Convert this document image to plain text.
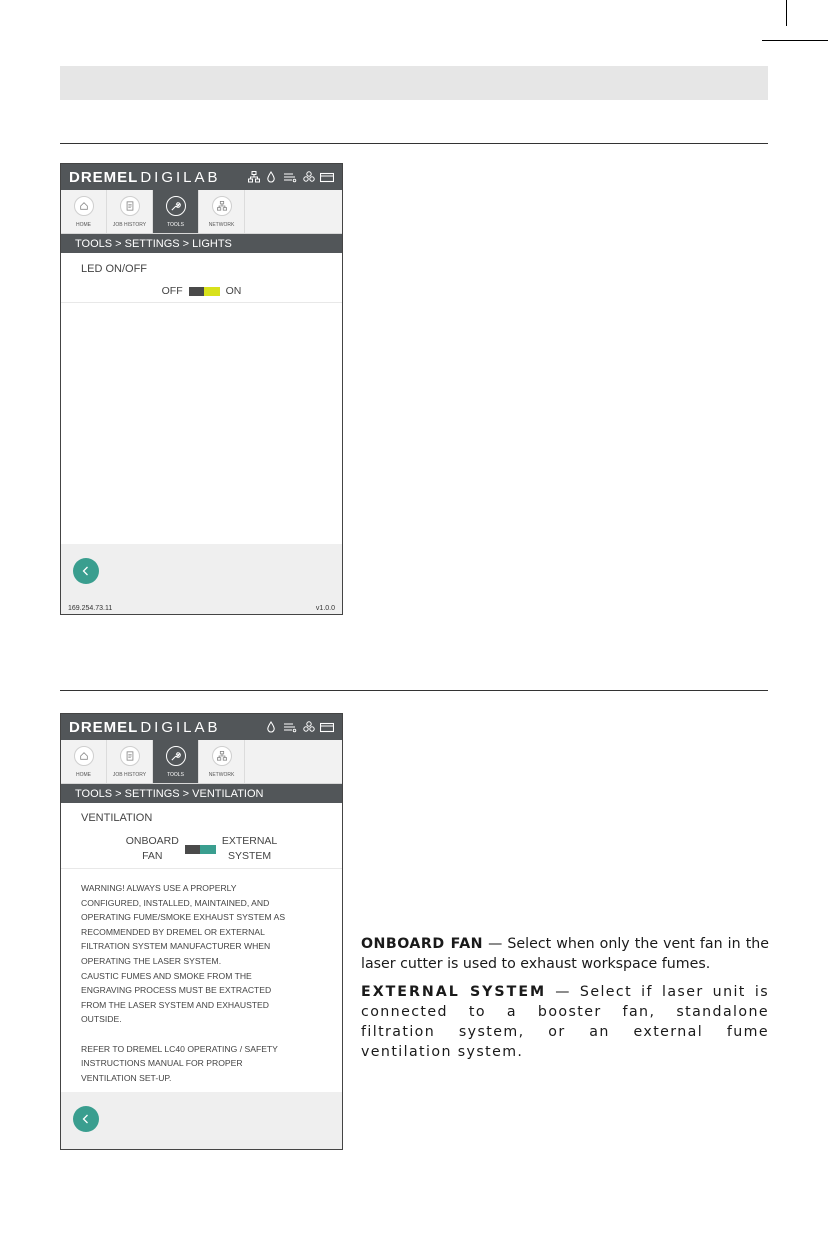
DREMEL DIGILAB
HOME	JOB HISTORY	TOOLS	NETWORK
TOOLS > SETTINGS > LIGHTS
LED ON/OFF
OFF	ON
169.254.73.11	v1.0.0
DREMEL DIGILAB
HOME	JOB HISTORY	TOOLS	NETWORK
TOOLS > SETTINGS > VENTILATION
VENTILATION
ONBOARD
FAN
EXTERNAL
SYSTEM
WARNING! ALWAYS USE A PROPERLY
CONFIGURED, INSTALLED, MAINTAINED, AND
OPERATING FUME/SMOKE EXHAUST SYSTEM AS
RECOMMENDED BY DREMEL OR EXTERNAL
FILTRATION SYSTEM MANUFACTURER WHEN
OPERATING THE LASER SYSTEM.
CAUSTIC FUMES AND SMOKE FROM THE
ENGRAVING PROCESS MUST BE EXTRACTED
FROM THE LASER SYSTEM AND EXHAUSTED
OUTSIDE.
REFER TO DREMEL LC40 OPERATING / SAFETY
INSTRUCTIONS MANUAL FOR PROPER
VENTILATION SET-UP.

ONBOARD FAN — Select when only the vent fan in the laser cutter is used to exhaust workspace fumes.

EXTERNAL SYSTEM — Select if laser unit is connected to a booster fan, standalone filtration system, or an external fume ventilation system.
